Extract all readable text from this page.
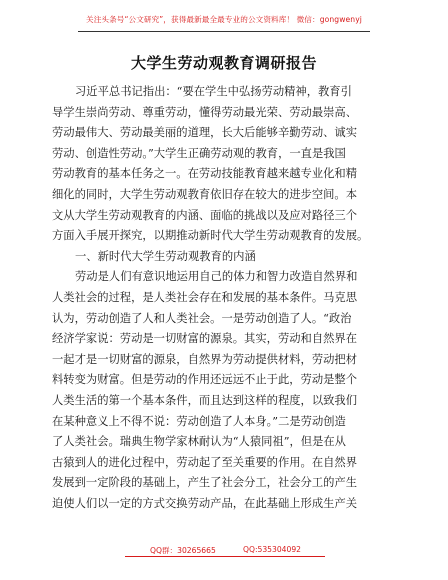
关注头条号“公文研究”，获得最新最全最专业的公文资料库！ 微信：gongwenyj
大学生劳动观教育调研报告
习近平总书记指出：“要在学生中弘扬劳动精神，教育引
导学生崇尚劳动、尊重劳动，懂得劳动最光荣、劳动最崇高、
劳动最伟大、劳动最美丽的道理，长大后能够辛勤劳动、诚实
劳动、创造性劳动。”大学生正确劳动观的教育，一直是我国
劳动教育的基本任务之一。在劳动技能教育越来越专业化和精
细化的同时，大学生劳动观教育依旧存在较大的进步空间。本
文从大学生劳动观教育的内涵、面临的挑战以及应对路径三个
方面入手展开探究，以期推动新时代大学生劳动观教育的发展。
一、新时代大学生劳动观教育的内涵
劳动是人们有意识地运用自己的体力和智力改造自然界和
人类社会的过程，是人类社会存在和发展的基本条件。马克思
认为，劳动创造了人和人类社会。一是劳动创造了人。“政治
经济学家说：劳动是一切财富的源泉。其实，劳动和自然界在
一起才是一切财富的源泉，自然界为劳动提供材料，劳动把材
料转变为财富。但是劳动的作用还远远不止于此，劳动是整个
人类生活的第一个基本条件，而且达到这样的程度，以致我们
在某种意义上不得不说：劳动创造了人本身。”二是劳动创造
了人类社会。瑞典生物学家林耐认为“人猿同祖”，但是在从
古猿到人的进化过程中，劳动起了至关重要的作用。在自然界
发展到一定阶段的基础上，产生了社会分工，社会分工的产生
迫使人们以一定的方式交换劳动产品，在此基础上形成生产关
QQ群：30265665	QQ:535304092
